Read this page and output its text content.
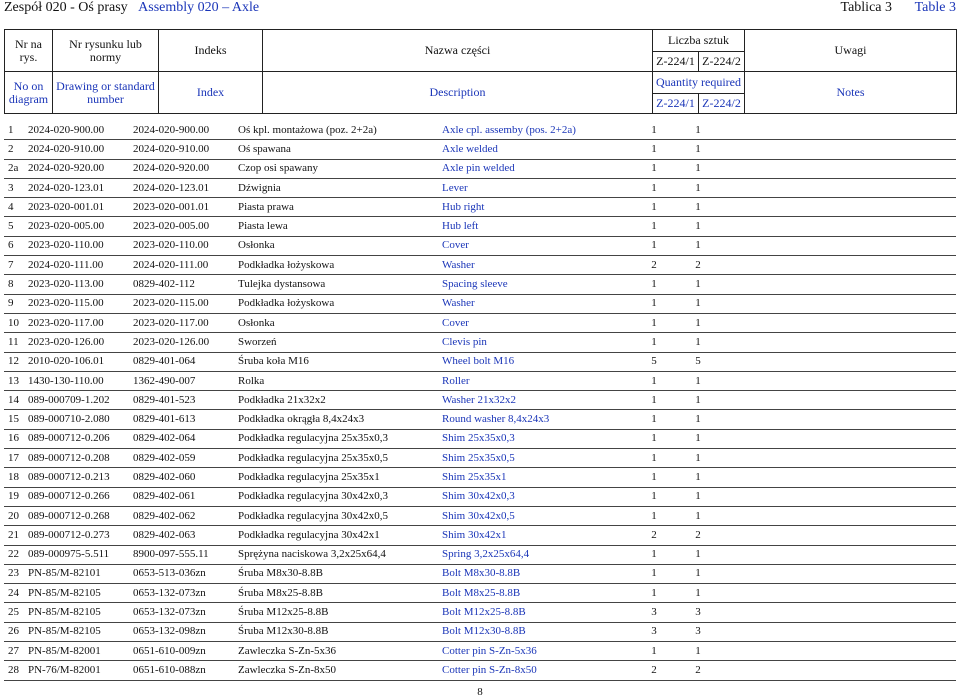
Zespół 020 - Oś prasy Assembly 020 – Axle	Tablica 3 Table 3
Nr na rys.	Nr rysunku lub normy	Indeks	Nazwa części	Liczba sztuk		Uwagi
				Z-224/1	Z-224/2	
No on diagram	Drawing or standard number	Index	Description	Quantity required		Notes
				Z-224/1	Z-224/2	
1	2024-020-900.00	2024-020-900.00	Oś kpl. montażowa (poz. 2+2a)	Axle cpl. assemby (pos. 2+2a)	1	1	
2	2024-020-910.00	2024-020-910.00	Oś spawana	Axle welded	1	1	
2a	2024-020-920.00	2024-020-920.00	Czop osi spawany	Axle pin welded	1	1	
3	2024-020-123.01	2024-020-123.01	Dźwignia	Lever	1	1	
4	2023-020-001.01	2023-020-001.01	Piasta prawa	Hub right	1	1	
5	2023-020-005.00	2023-020-005.00	Piasta lewa	Hub left	1	1	
6	2023-020-110.00	2023-020-110.00	Osłonka	Cover	1	1	
7	2024-020-111.00	2024-020-111.00	Podkładka łożyskowa	Washer	2	2	
8	2023-020-113.00	0829-402-112	Tulejka dystansowa	Spacing sleeve	1	1	
9	2023-020-115.00	2023-020-115.00	Podkładka łożyskowa	Washer	1	1	
10	2023-020-117.00	2023-020-117.00	Osłonka	Cover	1	1	
11	2023-020-126.00	2023-020-126.00	Sworzeń	Clevis pin	1	1	
12	2010-020-106.01	0829-401-064	Śruba koła M16	Wheel bolt M16	5	5	
13	1430-130-110.00	1362-490-007	Rolka	Roller	1	1	
14	089-000709-1.202	0829-401-523	Podkładka 21x32x2	Washer 21x32x2	1	1	
15	089-000710-2.080	0829-401-613	Podkładka okrągła 8,4x24x3	Round washer 8,4x24x3	1	1	
16	089-000712-0.206	0829-402-064	Podkładka regulacyjna 25x35x0,3	Shim 25x35x0,3	1	1	
17	089-000712-0.208	0829-402-059	Podkładka regulacyjna 25x35x0,5	Shim 25x35x0,5	1	1	
18	089-000712-0.213	0829-402-060	Podkładka regulacyjna 25x35x1	Shim 25x35x1	1	1	
19	089-000712-0.266	0829-402-061	Podkładka regulacyjna 30x42x0,3	Shim 30x42x0,3	1	1	
20	089-000712-0.268	0829-402-062	Podkładka regulacyjna 30x42x0,5	Shim 30x42x0,5	1	1	
21	089-000712-0.273	0829-402-063	Podkładka regulacyjna 30x42x1	Shim 30x42x1	2	2	
22	089-000975-5.511	8900-097-555.11	Sprężyna naciskowa 3,2x25x64,4	Spring 3,2x25x64,4	1	1	
23	PN-85/M-82101	0653-513-036zn	Śruba M8x30-8.8B	Bolt M8x30-8.8B	1	1	
24	PN-85/M-82105	0653-132-073zn	Śruba M8x25-8.8B	Bolt M8x25-8.8B	1	1	
25	PN-85/M-82105	0653-132-073zn	Śruba M12x25-8.8B	Bolt M12x25-8.8B	3	3	
26	PN-85/M-82105	0653-132-098zn	Śruba M12x30-8.8B	Bolt M12x30-8.8B	3	3	
27	PN-85/M-82001	0651-610-009zn	Zawleczka S-Zn-5x36	Cotter pin S-Zn-5x36	1	1	
28	PN-76/M-82001	0651-610-088zn	Zawleczka S-Zn-8x50	Cotter pin S-Zn-8x50	2	2	
8
